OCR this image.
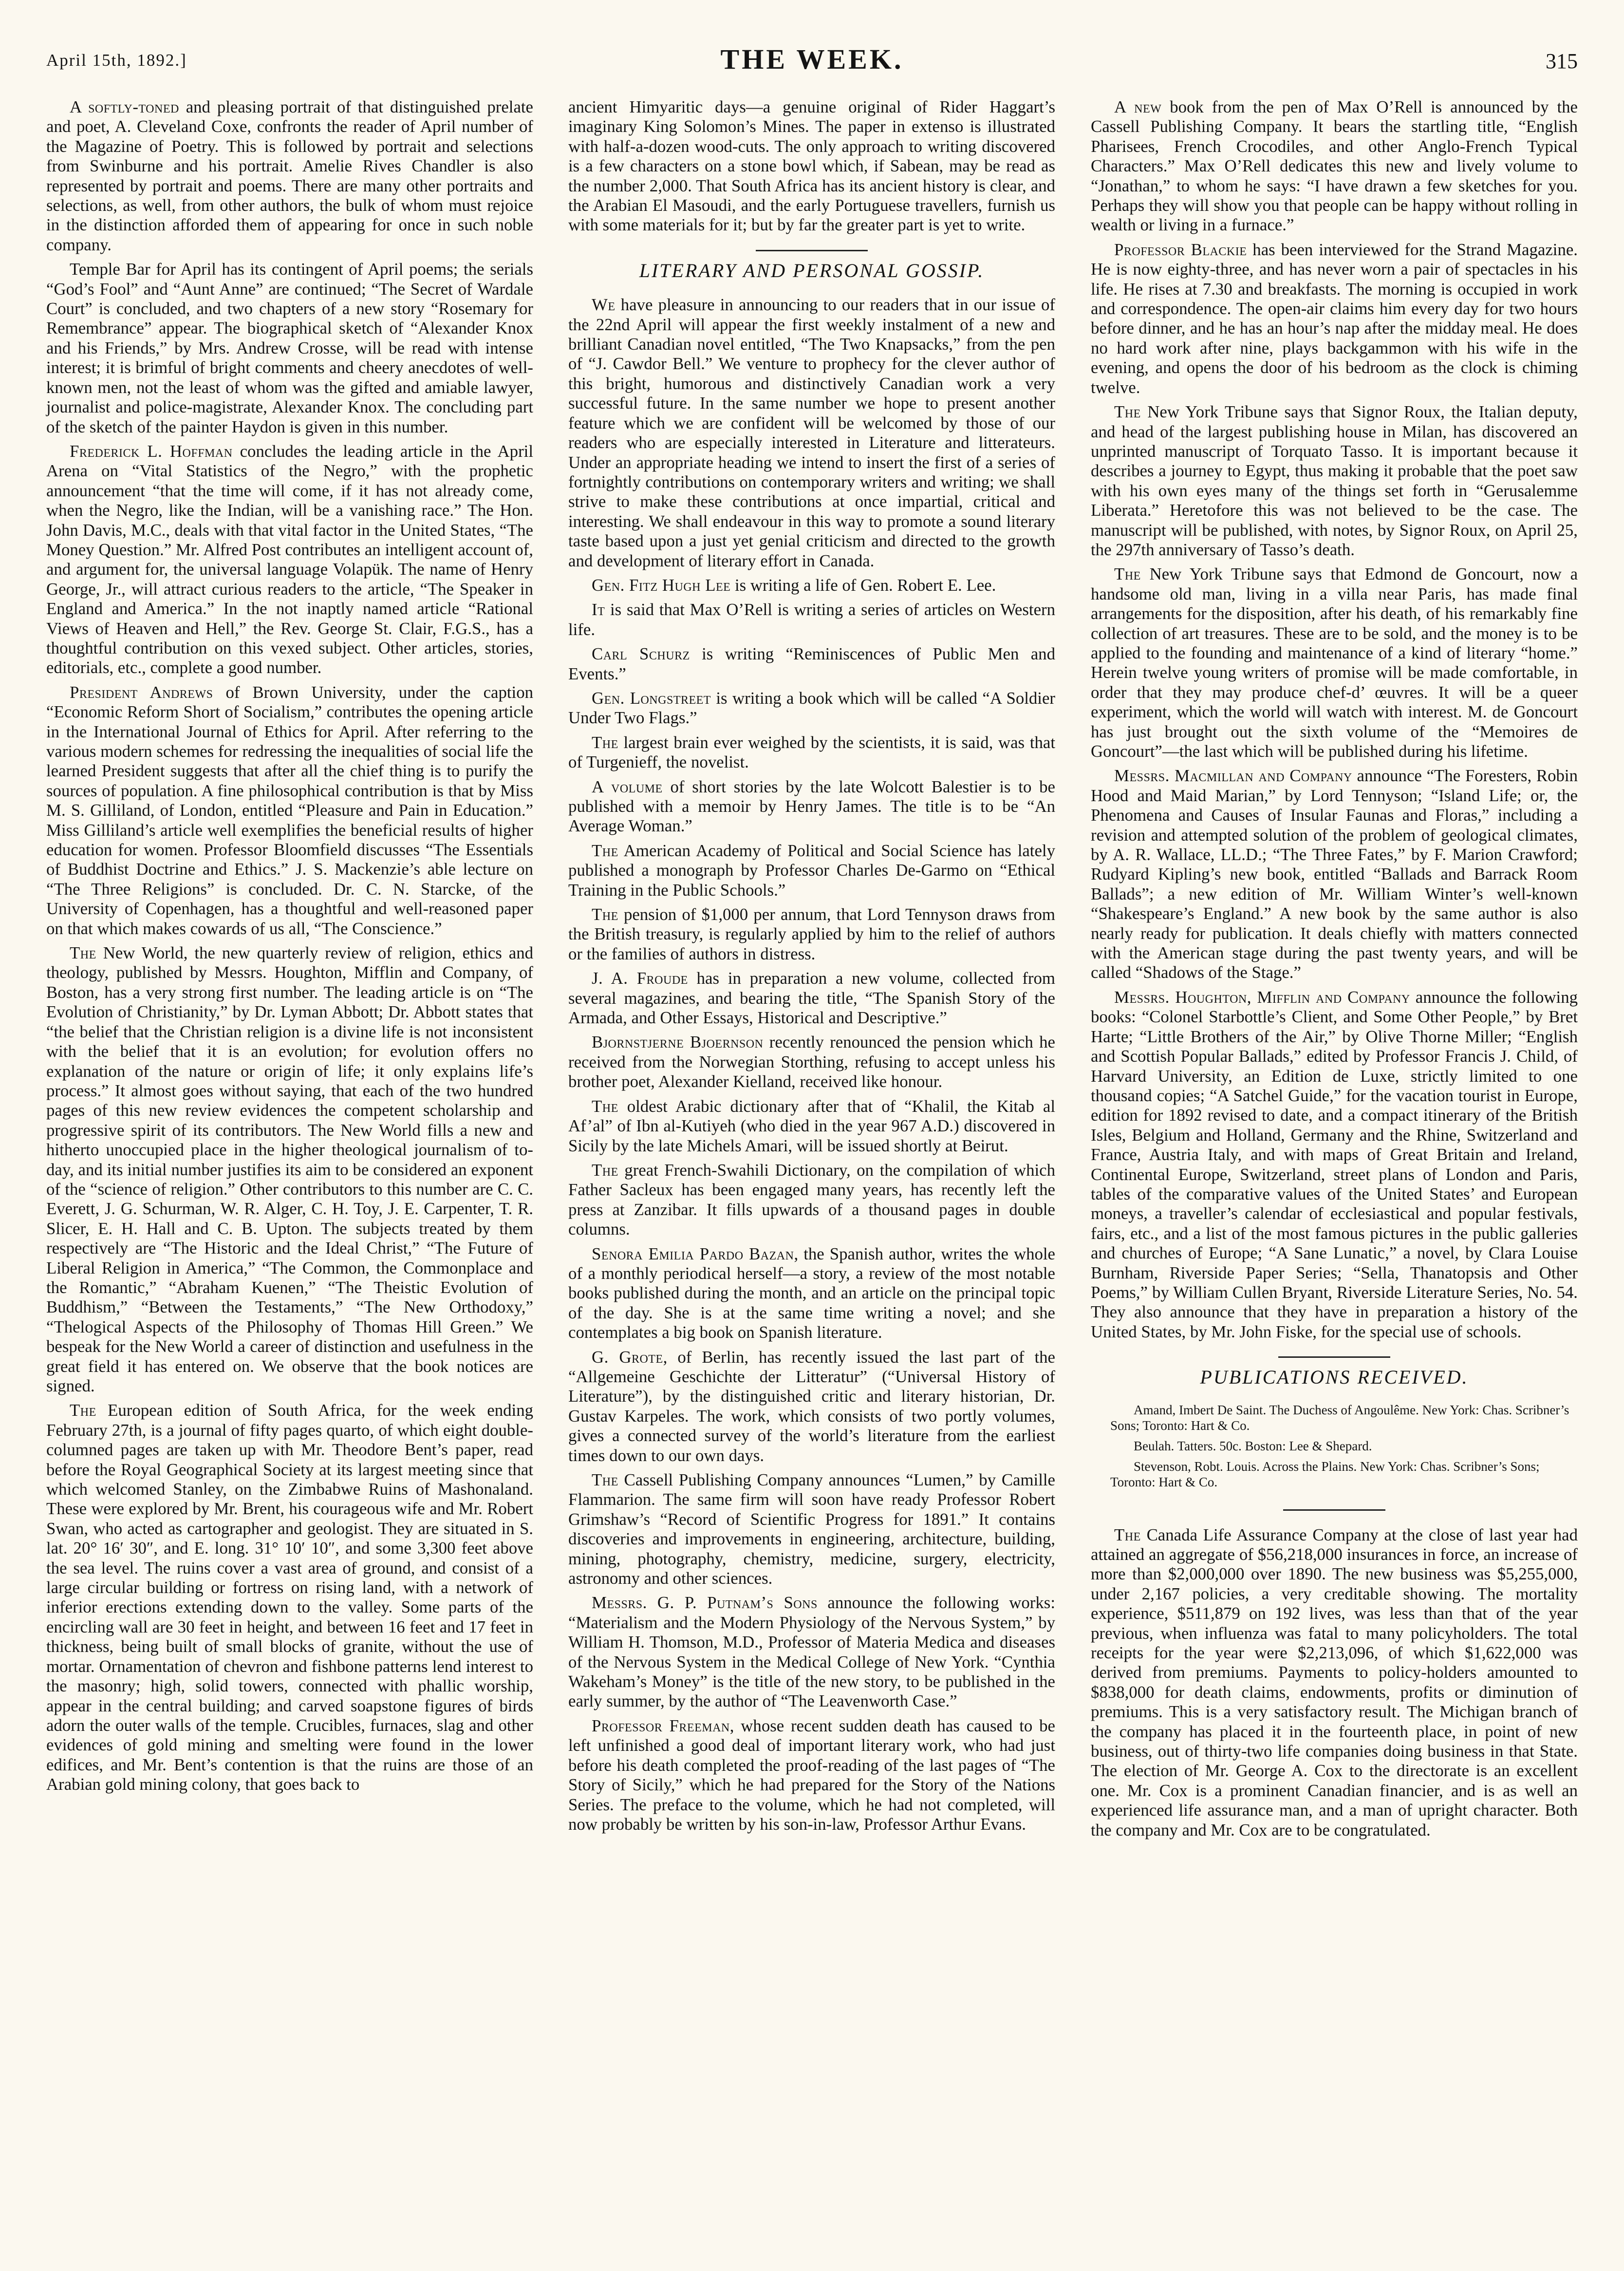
April 15th, 1892.]	THE WEEK.	315

A softly-toned and pleasing portrait of that distinguished prelate and poet, A. Cleveland Coxe, confronts the reader of April number of the Magazine of Poetry. This is followed by portrait and selections from Swinburne and his portrait. Amelie Rives Chandler is also represented by portrait and poems. There are many other portraits and selections, as well, from other authors, the bulk of whom must rejoice in the distinction afforded them of appearing for once in such noble company.

Temple Bar for April has its contingent of April poems; the serials “God’s Fool” and “Aunt Anne” are continued; “The Secret of Wardale Court” is concluded, and two chapters of a new story “Rosemary for Remembrance” appear. The biographical sketch of “Alexander Knox and his Friends,” by Mrs. Andrew Crosse, will be read with intense interest; it is brimful of bright comments and cheery anecdotes of well-known men, not the least of whom was the gifted and amiable lawyer, journalist and police-magistrate, Alexander Knox. The concluding part of the sketch of the painter Haydon is given in this number.

Frederick L. Hoffman concludes the leading article in the April Arena on “Vital Statistics of the Negro,” with the prophetic announcement “that the time will come, if it has not already come, when the Negro, like the Indian, will be a vanishing race.” The Hon. John Davis, M.C., deals with that vital factor in the United States, “The Money Question.” Mr. Alfred Post contributes an intelligent account of, and argument for, the universal language Volapük. The name of Henry George, Jr., will attract curious readers to the article, “The Speaker in England and America.” In the not inaptly named article “Rational Views of Heaven and Hell,” the Rev. George St. Clair, F.G.S., has a thoughtful contribution on this vexed subject. Other articles, stories, editorials, etc., complete a good number.

President Andrews of Brown University, under the caption “Economic Reform Short of Socialism,” contributes the opening article in the International Journal of Ethics for April. After referring to the various modern schemes for redressing the inequalities of social life the learned President suggests that after all the chief thing is to purify the sources of population. A fine philosophical contribution is that by Miss M. S. Gilliland, of London, entitled “Pleasure and Pain in Education.” Miss Gilliland’s article well exemplifies the beneficial results of higher education for women. Professor Bloomfield discusses “The Essentials of Buddhist Doctrine and Ethics.” J. S. Mackenzie’s able lecture on “The Three Religions” is concluded. Dr. C. N. Starcke, of the University of Copenhagen, has a thoughtful and well-reasoned paper on that which makes cowards of us all, “The Conscience.”

The New World, the new quarterly review of religion, ethics and theology, published by Messrs. Houghton, Mifflin and Company, of Boston, has a very strong first number. The leading article is on “The Evolution of Christianity,” by Dr. Lyman Abbott; Dr. Abbott states that “the belief that the Christian religion is a divine life is not inconsistent with the belief that it is an evolution; for evolution offers no explanation of the nature or origin of life; it only explains life’s process.” It almost goes without saying, that each of the two hundred pages of this new review evidences the competent scholarship and progressive spirit of its contributors. The New World fills a new and hitherto unoccupied place in the higher theological journalism of to-day, and its initial number justifies its aim to be considered an exponent of the “science of religion.” Other contributors to this number are C. C. Everett, J. G. Schurman, W. R. Alger, C. H. Toy, J. E. Carpenter, T. R. Slicer, E. H. Hall and C. B. Upton. The subjects treated by them respectively are “The Historic and the Ideal Christ,” “The Future of Liberal Religion in America,” “The Common, the Commonplace and the Romantic,” “Abraham Kuenen,” “The Theistic Evolution of Buddhism,” “Between the Testaments,” “The New Orthodoxy,” “Thelogical Aspects of the Philosophy of Thomas Hill Green.” We bespeak for the New World a career of distinction and usefulness in the great field it has entered on. We observe that the book notices are signed.

The European edition of South Africa, for the week ending February 27th, is a journal of fifty pages quarto, of which eight double-columned pages are taken up with Mr. Theodore Bent’s paper, read before the Royal Geographical Society at its largest meeting since that which welcomed Stanley, on the Zimbabwe Ruins of Mashonaland. These were explored by Mr. Brent, his courageous wife and Mr. Robert Swan, who acted as cartographer and geologist. They are situated in S. lat. 20° 16′ 30″, and E. long. 31° 10′ 10″, and some 3,300 feet above the sea level. The ruins cover a vast area of ground, and consist of a large circular building or fortress on rising land, with a network of inferior erections extending down to the valley. Some parts of the encircling wall are 30 feet in height, and between 16 feet and 17 feet in thickness, being built of small blocks of granite, without the use of mortar. Ornamentation of chevron and fishbone patterns lend interest to the masonry; high, solid towers, connected with phallic worship, appear in the central building; and carved soapstone figures of birds adorn the outer walls of the temple. Crucibles, furnaces, slag and other evidences of gold mining and smelting were found in the lower edifices, and Mr. Bent’s contention is that the ruins are those of an Arabian gold mining colony, that goes back to

ancient Himyaritic days—a genuine original of Rider Haggart’s imaginary King Solomon’s Mines. The paper in extenso is illustrated with half-a-dozen wood-cuts. The only approach to writing discovered is a few characters on a stone bowl which, if Sabean, may be read as the number 2,000. That South Africa has its ancient history is clear, and the Arabian El Masoudi, and the early Portuguese travellers, furnish us with some materials for it; but by far the greater part is yet to write.

LITERARY AND PERSONAL GOSSIP.

We have pleasure in announcing to our readers that in our issue of the 22nd April will appear the first weekly instalment of a new and brilliant Canadian novel entitled, “The Two Knapsacks,” from the pen of “J. Cawdor Bell.” We venture to prophecy for the clever author of this bright, humorous and distinctively Canadian work a very successful future. In the same number we hope to present another feature which we are confident will be welcomed by those of our readers who are especially interested in Literature and litterateurs. Under an appropriate heading we intend to insert the first of a series of fortnightly contributions on contemporary writers and writing; we shall strive to make these contributions at once impartial, critical and interesting. We shall endeavour in this way to promote a sound literary taste based upon a just yet genial criticism and directed to the growth and development of literary effort in Canada.

Gen. Fitz Hugh Lee is writing a life of Gen. Robert E. Lee.

It is said that Max O’Rell is writing a series of articles on Western life.

Carl Schurz is writing “Reminiscences of Public Men and Events.”

Gen. Longstreet is writing a book which will be called “A Soldier Under Two Flags.”

The largest brain ever weighed by the scientists, it is said, was that of Turgenieff, the novelist.

A volume of short stories by the late Wolcott Balestier is to be published with a memoir by Henry James. The title is to be “An Average Woman.”

The American Academy of Political and Social Science has lately published a monograph by Professor Charles De-Garmo on “Ethical Training in the Public Schools.”

The pension of $1,000 per annum, that Lord Tennyson draws from the British treasury, is regularly applied by him to the relief of authors or the families of authors in distress.

J. A. Froude has in preparation a new volume, collected from several magazines, and bearing the title, “The Spanish Story of the Armada, and Other Essays, Historical and Descriptive.”

Bjornstjerne Bjoernson recently renounced the pension which he received from the Norwegian Storthing, refusing to accept unless his brother poet, Alexander Kielland, received like honour.

The oldest Arabic dictionary after that of “Khalil, the Kitab al Af’al” of Ibn al-Kutiyeh (who died in the year 967 A.D.) discovered in Sicily by the late Michels Amari, will be issued shortly at Beirut.

The great French-Swahili Dictionary, on the compilation of which Father Sacleux has been engaged many years, has recently left the press at Zanzibar. It fills upwards of a thousand pages in double columns.

Senora Emilia Pardo Bazan, the Spanish author, writes the whole of a monthly periodical herself—a story, a review of the most notable books published during the month, and an article on the principal topic of the day. She is at the same time writing a novel; and she contemplates a big book on Spanish literature.

G. Grote, of Berlin, has recently issued the last part of the “Allgemeine Geschichte der Litteratur” (“Universal History of Literature”), by the distinguished critic and literary historian, Dr. Gustav Karpeles. The work, which consists of two portly volumes, gives a connected survey of the world’s literature from the earliest times down to our own days.

The Cassell Publishing Company announces “Lumen,” by Camille Flammarion. The same firm will soon have ready Professor Robert Grimshaw’s “Record of Scientific Progress for 1891.” It contains discoveries and improvements in engineering, architecture, building, mining, photography, chemistry, medicine, surgery, electricity, astronomy and other sciences.

Messrs. G. P. Putnam’s Sons announce the following works: “Materialism and the Modern Physiology of the Nervous System,” by William H. Thomson, M.D., Professor of Materia Medica and diseases of the Nervous System in the Medical College of New York. “Cynthia Wakeham’s Money” is the title of the new story, to be published in the early summer, by the author of “The Leavenworth Case.”

Professor Freeman, whose recent sudden death has caused to be left unfinished a good deal of important literary work, who had just before his death completed the proof-reading of the last pages of “The Story of Sicily,” which he had prepared for the Story of the Nations Series. The preface to the volume, which he had not completed, will now probably be written by his son-in-law, Professor Arthur Evans.

A new book from the pen of Max O’Rell is announced by the Cassell Publishing Company. It bears the startling title, “English Pharisees, French Crocodiles, and other Anglo-French Typical Characters.” Max O’Rell dedicates this new and lively volume to “Jonathan,” to whom he says: “I have drawn a few sketches for you. Perhaps they will show you that people can be happy without rolling in wealth or living in a furnace.”

Professor Blackie has been interviewed for the Strand Magazine. He is now eighty-three, and has never worn a pair of spectacles in his life. He rises at 7.30 and breakfasts. The morning is occupied in work and correspondence. The open-air claims him every day for two hours before dinner, and he has an hour’s nap after the midday meal. He does no hard work after nine, plays backgammon with his wife in the evening, and opens the door of his bedroom as the clock is chiming twelve.

The New York Tribune says that Signor Roux, the Italian deputy, and head of the largest publishing house in Milan, has discovered an unprinted manuscript of Torquato Tasso. It is important because it describes a journey to Egypt, thus making it probable that the poet saw with his own eyes many of the things set forth in “Gerusalemme Liberata.” Heretofore this was not believed to be the case. The manuscript will be published, with notes, by Signor Roux, on April 25, the 297th anniversary of Tasso’s death.

The New York Tribune says that Edmond de Goncourt, now a handsome old man, living in a villa near Paris, has made final arrangements for the disposition, after his death, of his remarkably fine collection of art treasures. These are to be sold, and the money is to be applied to the founding and maintenance of a kind of literary “home.” Herein twelve young writers of promise will be made comfortable, in order that they may produce chef-d’ œuvres. It will be a queer experiment, which the world will watch with interest. M. de Goncourt has just brought out the sixth volume of the “Memoires de Goncourt”—the last which will be published during his lifetime.

Messrs. Macmillan and Company announce “The Foresters, Robin Hood and Maid Marian,” by Lord Tennyson; “Island Life; or, the Phenomena and Causes of Insular Faunas and Floras,” including a revision and attempted solution of the problem of geological climates, by A. R. Wallace, LL.D.; “The Three Fates,” by F. Marion Crawford; Rudyard Kipling’s new book, entitled “Ballads and Barrack Room Ballads”; a new edition of Mr. William Winter’s well-known “Shakespeare’s England.” A new book by the same author is also nearly ready for publication. It deals chiefly with matters connected with the American stage during the past twenty years, and will be called “Shadows of the Stage.”

Messrs. Houghton, Mifflin and Company announce the following books: “Colonel Starbottle’s Client, and Some Other People,” by Bret Harte; “Little Brothers of the Air,” by Olive Thorne Miller; “English and Scottish Popular Ballads,” edited by Professor Francis J. Child, of Harvard University, an Edition de Luxe, strictly limited to one thousand copies; “A Satchel Guide,” for the vacation tourist in Europe, edition for 1892 revised to date, and a compact itinerary of the British Isles, Belgium and Holland, Germany and the Rhine, Switzerland and France, Austria Italy, and with maps of Great Britain and Ireland, Continental Europe, Switzerland, street plans of London and Paris, tables of the comparative values of the United States’ and European moneys, a traveller’s calendar of ecclesiastical and popular festivals, fairs, etc., and a list of the most famous pictures in the public galleries and churches of Europe; “A Sane Lunatic,” a novel, by Clara Louise Burnham, Riverside Paper Series; “Sella, Thanatopsis and Other Poems,” by William Cullen Bryant, Riverside Literature Series, No. 54. They also announce that they have in preparation a history of the United States, by Mr. John Fiske, for the special use of schools.

PUBLICATIONS RECEIVED.

Amand, Imbert De Saint. The Duchess of Angoulême. New York: Chas. Scribner’s Sons; Toronto: Hart & Co.

Beulah. Tatters. 50c. Boston: Lee & Shepard.

Stevenson, Robt. Louis. Across the Plains. New York: Chas. Scribner’s Sons; Toronto: Hart & Co.

The Canada Life Assurance Company at the close of last year had attained an aggregate of $56,218,000 insurances in force, an increase of more than $2,000,000 over 1890. The new business was $5,255,000, under 2,167 policies, a very creditable showing. The mortality experience, $511,879 on 192 lives, was less than that of the year previous, when influenza was fatal to many policyholders. The total receipts for the year were $2,213,096, of which $1,622,000 was derived from premiums. Payments to policy-holders amounted to $838,000 for death claims, endowments, profits or diminution of premiums. This is a very satisfactory result. The Michigan branch of the company has placed it in the fourteenth place, in point of new business, out of thirty-two life companies doing business in that State. The election of Mr. George A. Cox to the directorate is an excellent one. Mr. Cox is a prominent Canadian financier, and is as well an experienced life assurance man, and a man of upright character. Both the company and Mr. Cox are to be congratulated.
